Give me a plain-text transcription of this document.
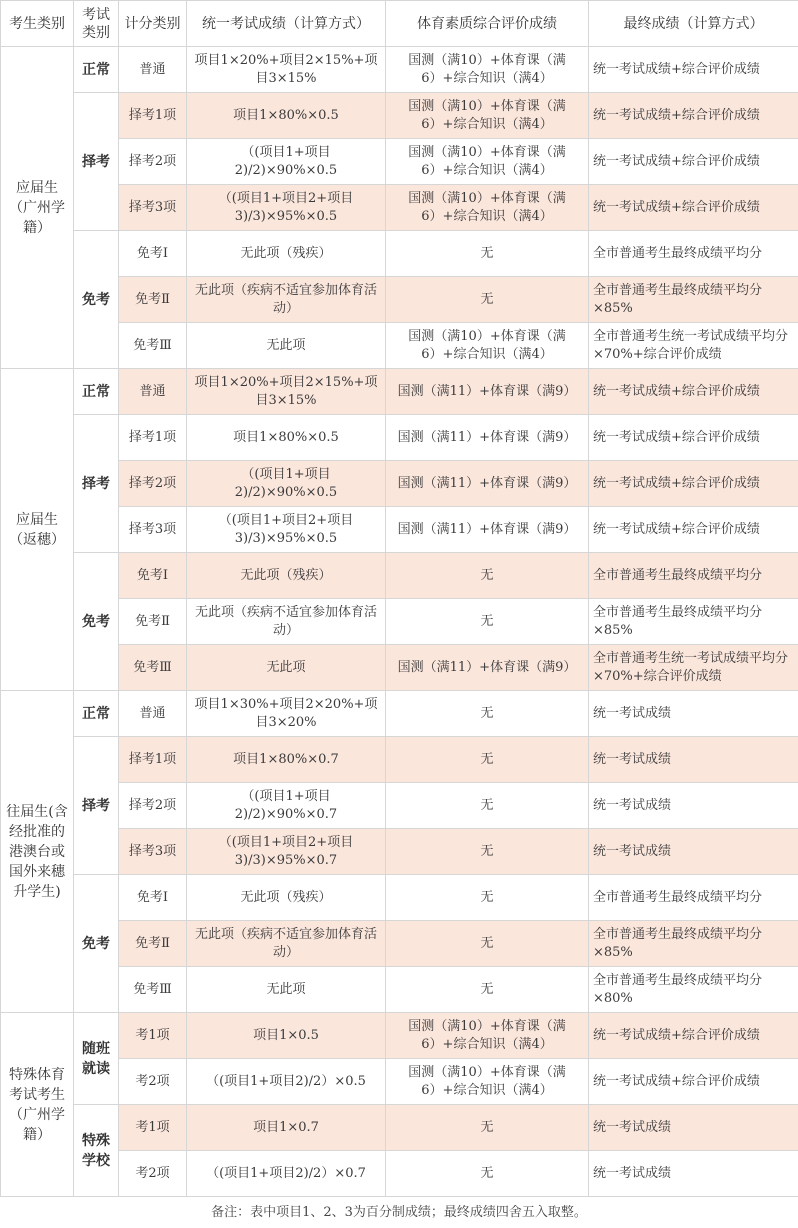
考生类别	考试类别	计分类别	统一考试成绩（计算方式）	体育素质综合评价成绩	最终成绩（计算方式）
应届生（广州学籍）	正常	普通	项目1×20%+项目2×15%+项目3×15%	国测（满10）+体育课（满6）+综合知识（满4）	统一考试成绩+综合评价成绩
	择考	择考1项	项目1×80%×0.5	国测（满10）+体育课（满6）+综合知识（满4）	统一考试成绩+综合评价成绩
		择考2项	（(项目1+项目2)/2)×90%×0.5	国测（满10）+体育课（满6）+综合知识（满4）	统一考试成绩+综合评价成绩
		择考3项	（(项目1+项目2+项目3)/3)×95%×0.5	国测（满10）+体育课（满6）+综合知识（满4）	统一考试成绩+综合评价成绩
	免考	免考Ⅰ	无此项（残疾）	无	全市普通考生最终成绩平均分
		免考Ⅱ	无此项（疾病不适宜参加体育活动）	无	全市普通考生最终成绩平均分×85%
		免考Ⅲ	无此项	国测（满10）+体育课（满6）+综合知识（满4）	全市普通考生统一考试成绩平均分×70%+综合评价成绩
应届生（返穗）	正常	普通	项目1×20%+项目2×15%+项目3×15%	国测（满11）+体育课（满9）	统一考试成绩+综合评价成绩
	择考	择考1项	项目1×80%×0.5	国测（满11）+体育课（满9）	统一考试成绩+综合评价成绩
		择考2项	（(项目1+项目2)/2)×90%×0.5	国测（满11）+体育课（满9）	统一考试成绩+综合评价成绩
		择考3项	（(项目1+项目2+项目3)/3)×95%×0.5	国测（满11）+体育课（满9）	统一考试成绩+综合评价成绩
	免考	免考Ⅰ	无此项（残疾）	无	全市普通考生最终成绩平均分
		免考Ⅱ	无此项（疾病不适宜参加体育活动）	无	全市普通考生最终成绩平均分×85%
		免考Ⅲ	无此项	国测（满11）+体育课（满9）	全市普通考生统一考试成绩平均分×70%+综合评价成绩
往届生(含经批准的港澳台或国外来穗升学生)	正常	普通	项目1×30%+项目2×20%+项目3×20%	无	统一考试成绩
	择考	择考1项	项目1×80%×0.7	无	统一考试成绩
		择考2项	（(项目1+项目2)/2)×90%×0.7	无	统一考试成绩
		择考3项	（(项目1+项目2+项目3)/3)×95%×0.7	无	统一考试成绩
	免考	免考Ⅰ	无此项（残疾）	无	全市普通考生最终成绩平均分
		免考Ⅱ	无此项（疾病不适宜参加体育活动）	无	全市普通考生最终成绩平均分×85%
		免考Ⅲ	无此项	无	全市普通考生最终成绩平均分×80%
特殊体育考试考生（广州学籍）	随班就读	考1项	项目1×0.5	国测（满10）+体育课（满6）+综合知识（满4）	统一考试成绩+综合评价成绩
		考2项	（(项目1+项目2)/2）×0.5	国测（满10）+体育课（满6）+综合知识（满4）	统一考试成绩+综合评价成绩
	特殊学校	考1项	项目1×0.7	无	统一考试成绩
		考2项	（(项目1+项目2)/2）×0.7	无	统一考试成绩
备注：表中项目1、2、3为百分制成绩；最终成绩四舍五入取整。
